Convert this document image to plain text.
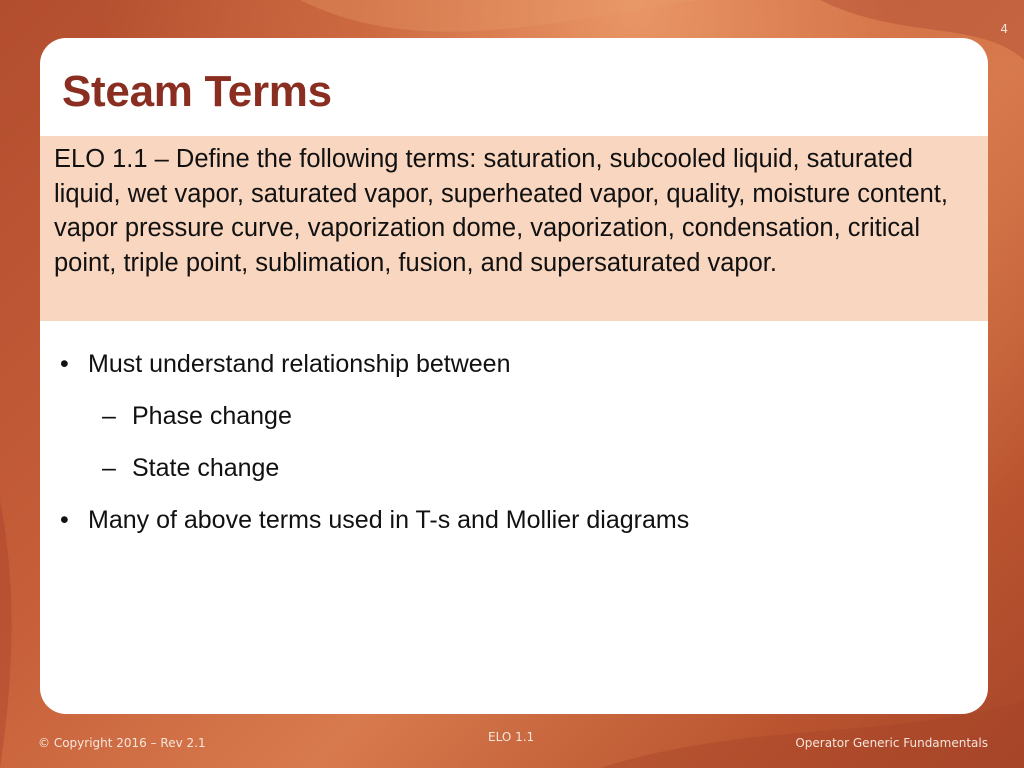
4
Steam Terms

ELO 1.1 – Define the following terms: saturation, subcooled liquid, saturated liquid, wet vapor, saturated vapor, superheated vapor, quality, moisture content, vapor pressure curve, vaporization dome, vaporization, condensation, critical point, triple point, sublimation, fusion, and supersaturated vapor.

• Must understand relationship between
– Phase change
– State change
• Many of above terms used in T-s and Mollier diagrams
© Copyright 2016 – Rev 2.1	ELO 1.1	Operator Generic Fundamentals
